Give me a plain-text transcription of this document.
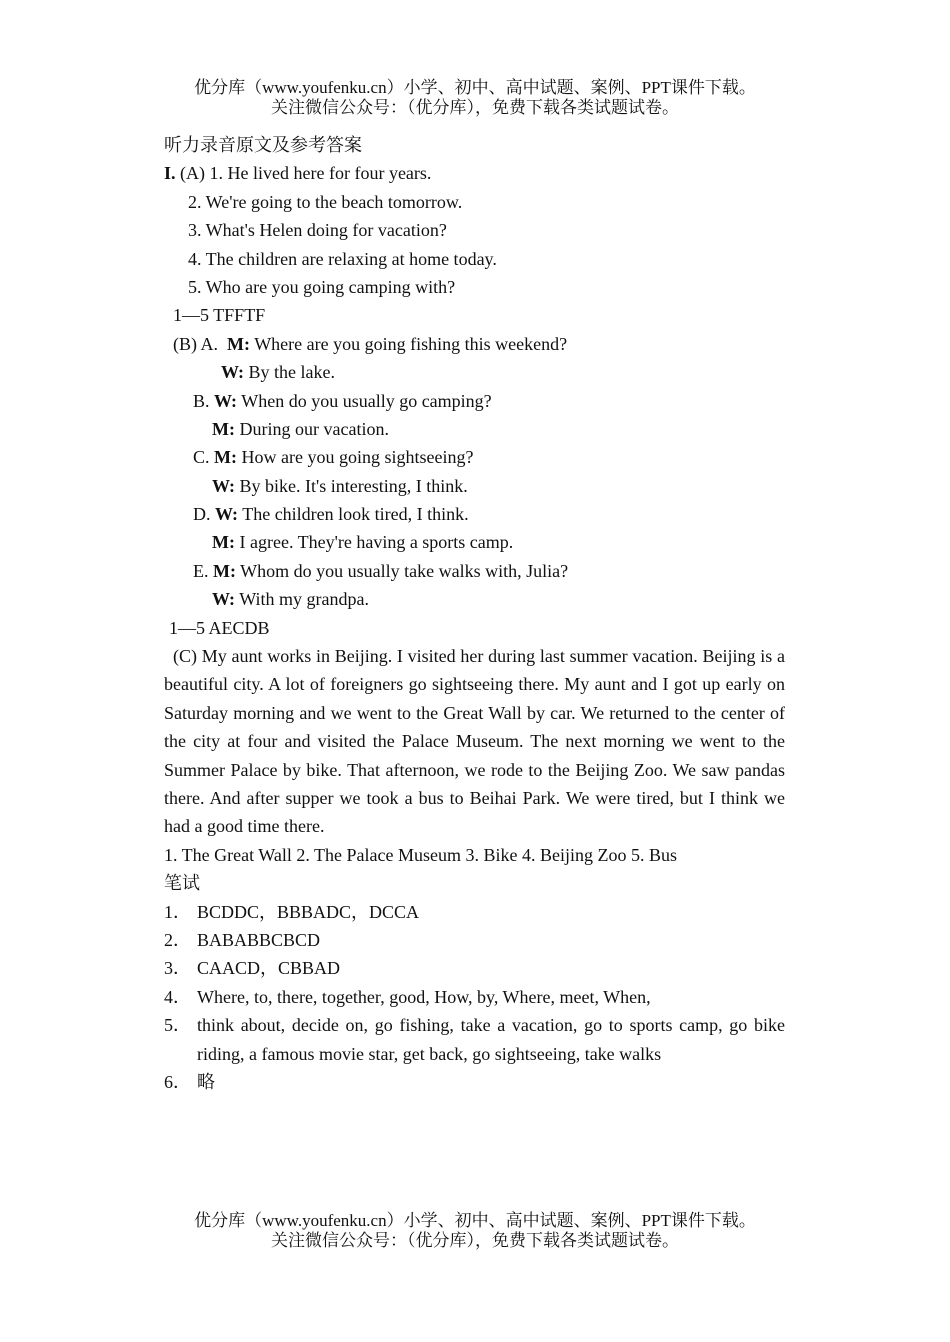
优分库（www.youfenku.cn）小学、初中、高中试题、案例、PPT课件下载。
关注微信公众号：（优分库），免费下载各类试题试卷。
听力录音原文及参考答案
I. (A) 1. He lived here for four years.
2. We're going to the beach tomorrow.
3. What's Helen doing for vacation?
4. The children are relaxing at home today.
5. Who are you going camping with?
1—5 TFFTF
(B) A. M: Where are you going fishing this weekend?
W: By the lake.
B. W: When do you usually go camping?
M: During our vacation.
C. M: How are you going sightseeing?
W: By bike. It's interesting, I think.
D. W: The children look tired, I think.
M: I agree. They're having a sports camp.
E. M: Whom do you usually take walks with, Julia?
W: With my grandpa.
1—5 AECDB
(C) My aunt works in Beijing. I visited her during last summer vacation. Beijing is a beautiful city. A lot of foreigners go sightseeing there. My aunt and I got up early on Saturday morning and we went to the Great Wall by car. We returned to the center of the city at four and visited the Palace Museum. The next morning we went to the Summer Palace by bike. That afternoon, we rode to the Beijing Zoo. We saw pandas there. And after supper we took a bus to Beihai Park. We were tired, but I think we had a good time there.
1. The Great Wall 2. The Palace Museum 3. Bike 4. Beijing Zoo 5. Bus
笔试
1． BCDDC，BBBADC，DCCA
2． BABABBCBCD
3． CAACD，CBBAD
4． Where, to, there, together, good, How, by, Where, meet, When,
5． think about, decide on, go fishing, take a vacation, go to sports camp, go bike riding, a famous movie star, get back, go sightseeing, take walks
6． 略
优分库（www.youfenku.cn）小学、初中、高中试题、案例、PPT课件下载。
关注微信公众号：（优分库），免费下载各类试题试卷。
